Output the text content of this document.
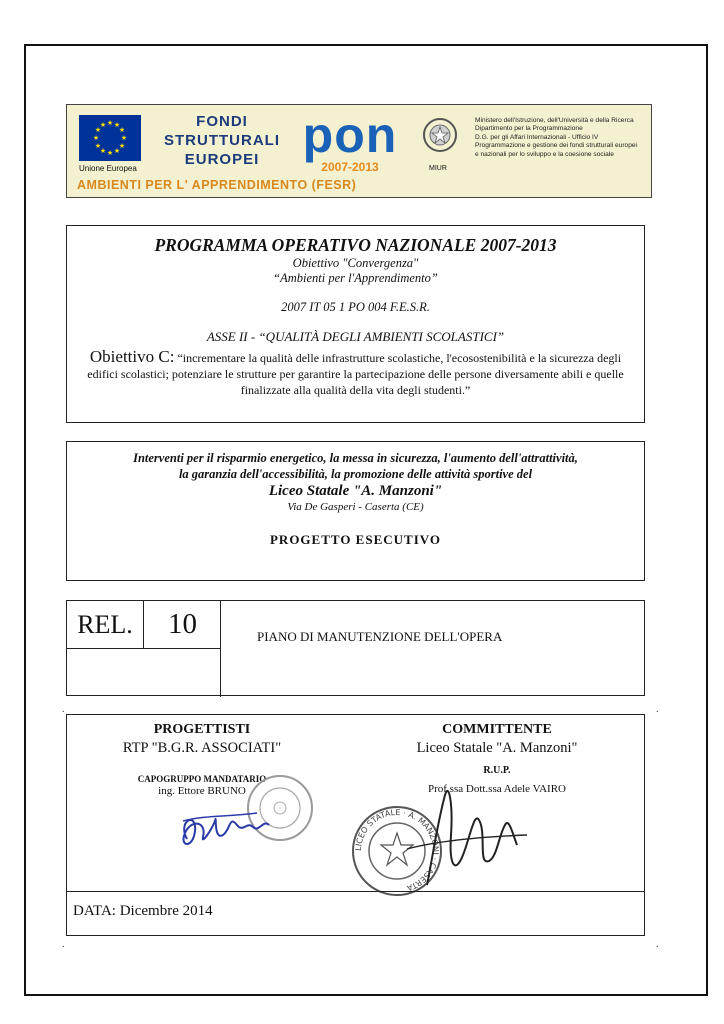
★ ★
★
★
★
★
★
★
★
★
★
★
Unione Europea
FONDI
STRUTTURALI
EUROPEI pon
2007-2013	MIUR
Ministero dell'Istruzione, dell'Università e della Ricerca
Dipartimento per la Programmazione
D.G. per gli Affari Internazionali - Ufficio IV
Programmazione e gestione dei fondi strutturali europei
e nazionali per lo sviluppo e la coesione sociale
AMBIENTI PER L' APPRENDIMENTO (FESR)
PROGRAMMA OPERATIVO NAZIONALE 2007-2013
Obiettivo "Convergenza"
“Ambienti per l'Apprendimento”
2007 IT 05 1 PO 004 F.E.S.R.
ASSE II - “QUALITÀ DEGLI AMBIENTI SCOLASTICI”
Obiettivo C: “incrementare la qualità delle infrastrutture scolastiche, l'ecosostenibilità e la sicurezza degli edifici scolastici; potenziare le strutture per garantire la partecipazione delle persone diversamente abili e quelle finalizzate alla qualità della vita degli studenti.”
Interventi per il risparmio energetico, la messa in sicurezza, l'aumento dell'attrattività,
la garanzia dell'accessibilità, la promozione delle attività sportive del
Liceo Statale "A. Manzoni"
Via De Gasperi - Caserta (CE)
PROGETTO ESECUTIVO
REL.	10	PIANO DI MANUTENZIONE DELL'OPERA
.	.
.	.
PROGETTISTI
RTP "B.G.R. ASSOCIATI"
CAPOGRUPPO MANDATARIO
ing. Ettore BRUNO
COMMITTENTE
Liceo Statale "A. Manzoni"
R.U.P.
Prof.ssa Dott.ssa Adele VAIRO
LICEO STATALE · A. MANZONI · CASERTA
DATA: Dicembre 2014
